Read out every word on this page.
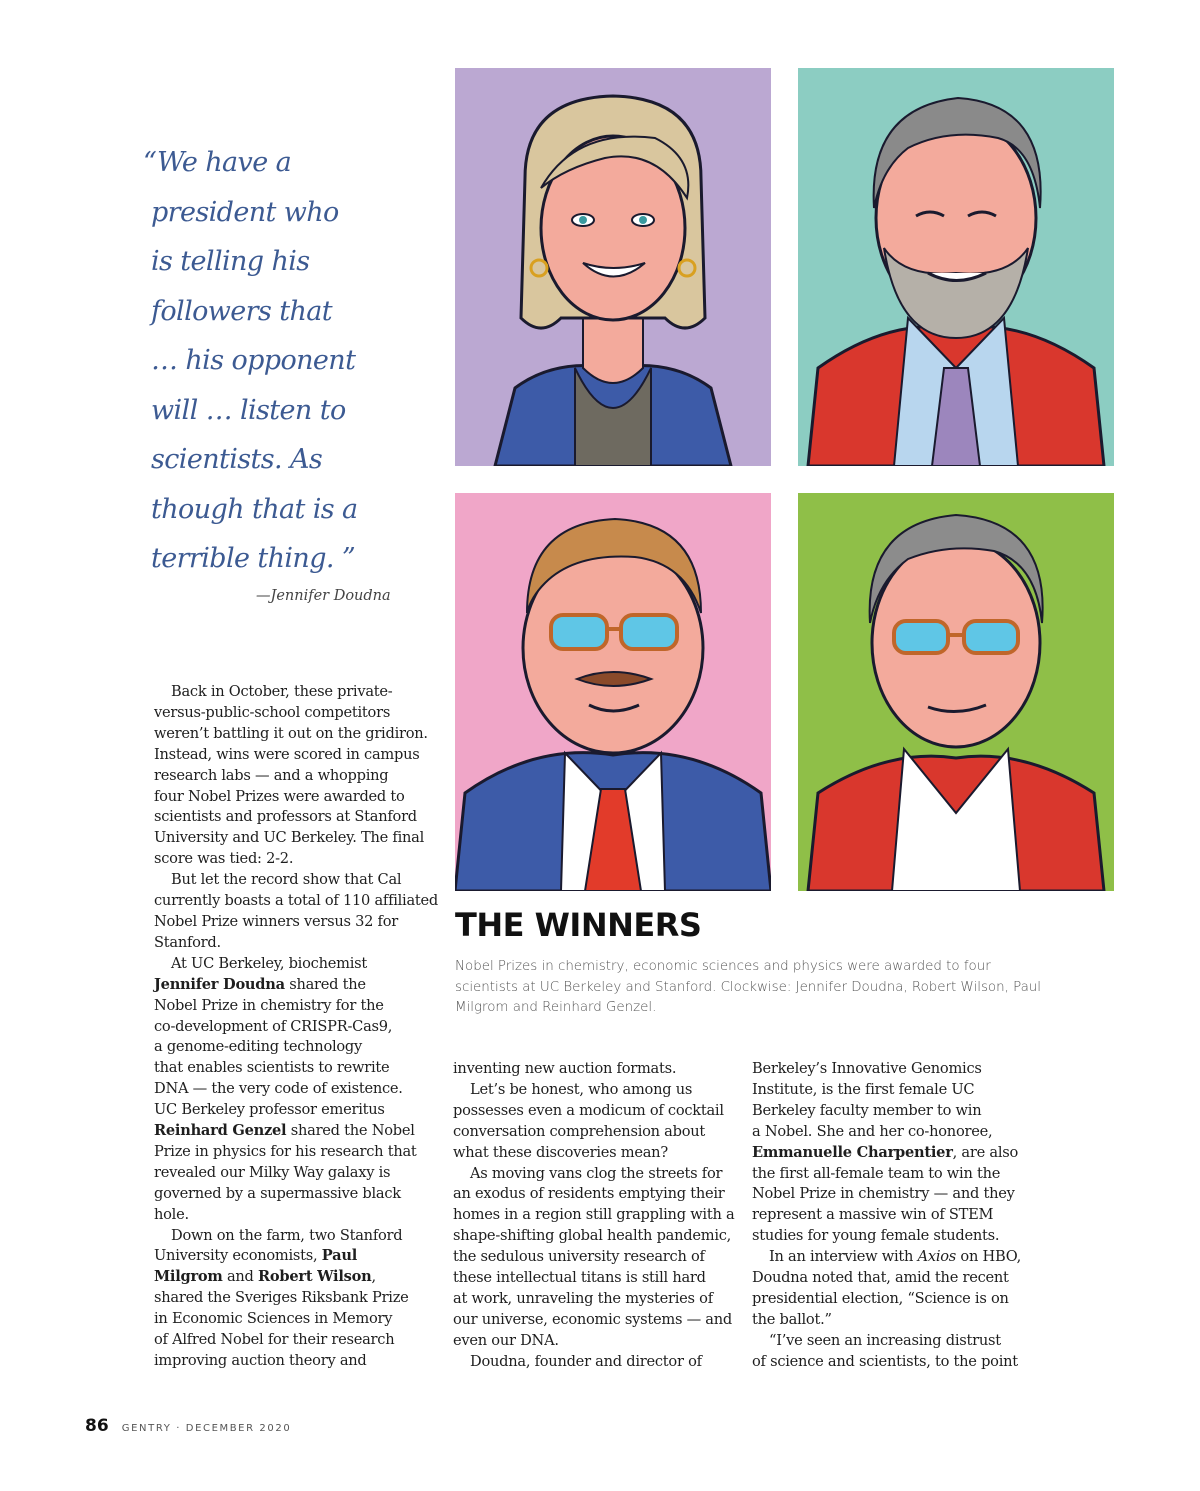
“We have a
president who
is telling his
followers that
… his opponent
will … listen to
scientists. As
though that is a
terrible thing. ”
—Jennifer Doudna
THE WINNERS
Nobel Prizes in chemistry, economic sciences and physics were awarded to four scientists at UC Berkeley and Stanford. Clockwise: Jennifer Doudna, Robert Wilson, Paul Milgrom and Reinhard Genzel.
Back in October, these private-
versus-public-school competitors
weren’t battling it out on the gridiron.
Instead, wins were scored in campus
research labs — and a whopping
four Nobel Prizes were awarded to
scientists and professors at Stanford
University and UC Berkeley. The final
score was tied: 2-2.
But let the record show that Cal
currently boasts a total of 110 affiliated
Nobel Prize winners versus 32 for
Stanford.
At UC Berkeley, biochemist
Jennifer Doudna shared the
Nobel Prize in chemistry for the
co-development of CRISPR-Cas9,
a genome-editing technology
that enables scientists to rewrite
DNA — the very code of existence.
UC Berkeley professor emeritus
Reinhard Genzel shared the Nobel
Prize in physics for his research that
revealed our Milky Way galaxy is
governed by a supermassive black
hole.
Down on the farm, two Stanford
University economists, Paul
Milgrom and Robert Wilson,
shared the Sveriges Riksbank Prize
in Economic Sciences in Memory
of Alfred Nobel for their research
improving auction theory and
inventing new auction formats.
Let’s be honest, who among us
possesses even a modicum of cocktail
conversation comprehension about
what these discoveries mean?
As moving vans clog the streets for
an exodus of residents emptying their
homes in a region still grappling with a
shape-shifting global health pandemic,
the sedulous university research of
these intellectual titans is still hard
at work, unraveling the mysteries of
our universe, economic systems — and
even our DNA.
Doudna, founder and director of
Berkeley’s Innovative Genomics
Institute, is the first female UC
Berkeley faculty member to win
a Nobel. She and her co-honoree,
Emmanuelle Charpentier, are also
the first all-female team to win the
Nobel Prize in chemistry — and they
represent a massive win of STEM
studies for young female students.
In an interview with Axios on HBO,
Doudna noted that, amid the recent
presidential election, “Science is on
the ballot.”
“I’ve seen an increasing distrust
of science and scientists, to the point
86 GENTRY · DECEMBER 2020
